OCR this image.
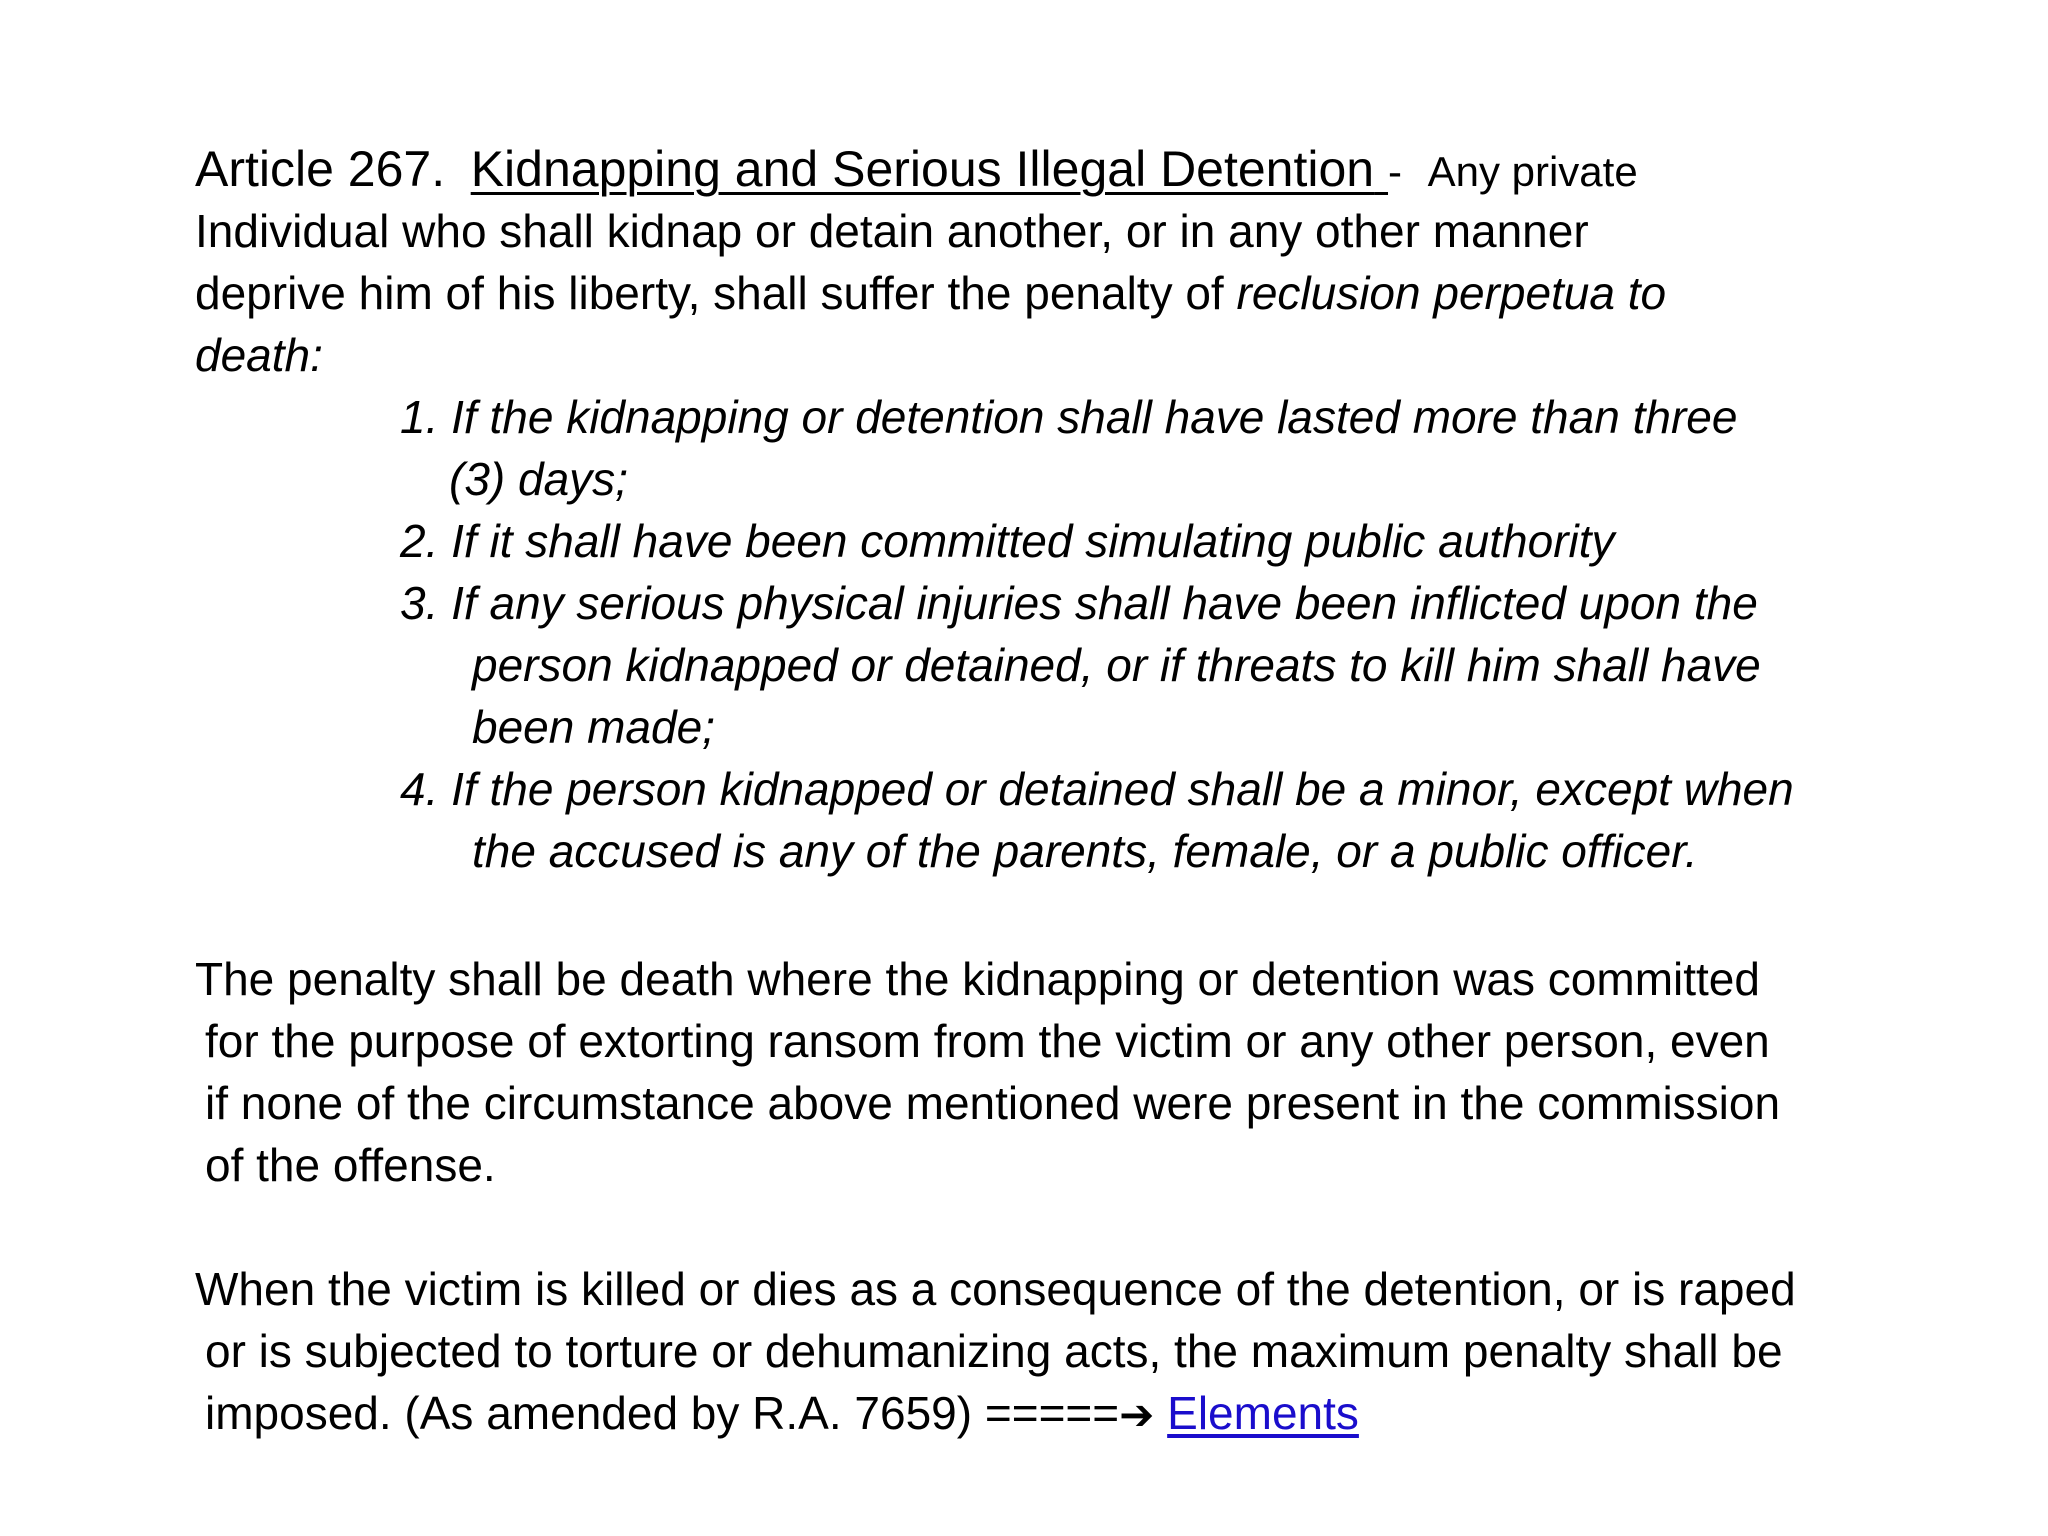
Article 267. Kidnapping and Serious Illegal Detention - Any private
Individual who shall kidnap or detain another, or in any other manner
deprive him of his liberty, shall suffer the penalty of reclusion perpetua to
death:
1. If the kidnapping or detention shall have lasted more than three
(3) days;
2. If it shall have been committed simulating public authority
3. If any serious physical injuries shall have been inflicted upon the
person kidnapped or detained, or if threats to kill him shall have
been made;
4. If the person kidnapped or detained shall be a minor, except when
the accused is any of the parents, female, or a public officer.
The penalty shall be death where the kidnapping or detention was committed
for the purpose of extorting ransom from the victim or any other person, even
if none of the circumstance above mentioned were present in the commission
of the offense.
When the victim is killed or dies as a consequence of the detention, or is raped
or is subjected to torture or dehumanizing acts, the maximum penalty shall be
imposed. (As amended by R.A. 7659) =====➔ Elements
